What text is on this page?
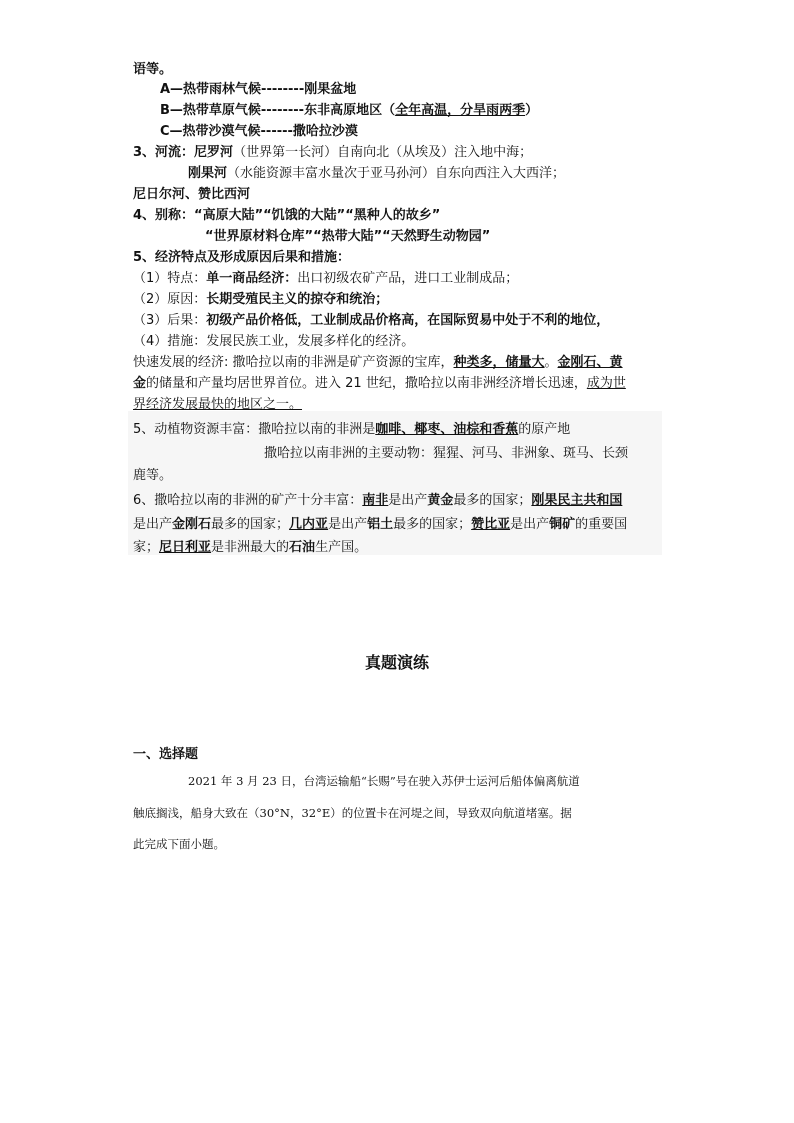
语等。
A—热带雨林气候--------刚果盆地
B—热带草原气候--------东非高原地区（全年高温，分旱雨两季）
C—热带沙漠气候------撒哈拉沙漠
3、河流：尼罗河（世界第一长河）自南向北（从埃及）注入地中海；
刚果河（水能资源丰富水量次于亚马孙河）自东向西注入大西洋；
尼日尔河、赞比西河
4、别称：“高原大陆”“饥饿的大陆”“黑种人的故乡”
“世界原材料仓库”“热带大陆”“天然野生动物园”
5、经济特点及形成原因后果和措施：
（1）特点：单一商品经济：出口初级农矿产品，进口工业制成品；
（2）原因：长期受殖民主义的掠夺和统治；
（3）后果：初级产品价格低，工业制成品价格高，在国际贸易中处于不利的地位，
（4）措施：发展民族工业，发展多样化的经济。
快速发展的经济: 撒哈拉以南的非洲是矿产资源的宝库，种类多，储量大。金刚石、黄
金的储量和产量均居世界首位。进入 21 世纪，撒哈拉以南非洲经济增长迅速，成为世
界经济发展最快的地区之一。
5、动植物资源丰富：撒哈拉以南的非洲是咖啡、椰枣、油棕和香蕉的原产地
撒哈拉以南非洲的主要动物：猩猩、河马、非洲象、斑马、长颈
鹿等。
6、撒哈拉以南的非洲的矿产十分丰富：南非是出产黄金最多的国家；刚果民主共和国
是出产金刚石最多的国家；几内亚是出产铝土最多的国家；赞比亚是出产铜矿的重要国
家；尼日利亚是非洲最大的石油生产国。
真题演练
一、选择题
2021 年 3 月 23 日，台湾运输船“长赐”号在驶入苏伊士运河后船体偏离航道
触底搁浅，船身大致在（30°N，32°E）的位置卡在河堤之间，导致双向航道堵塞。据
此完成下面小题。
